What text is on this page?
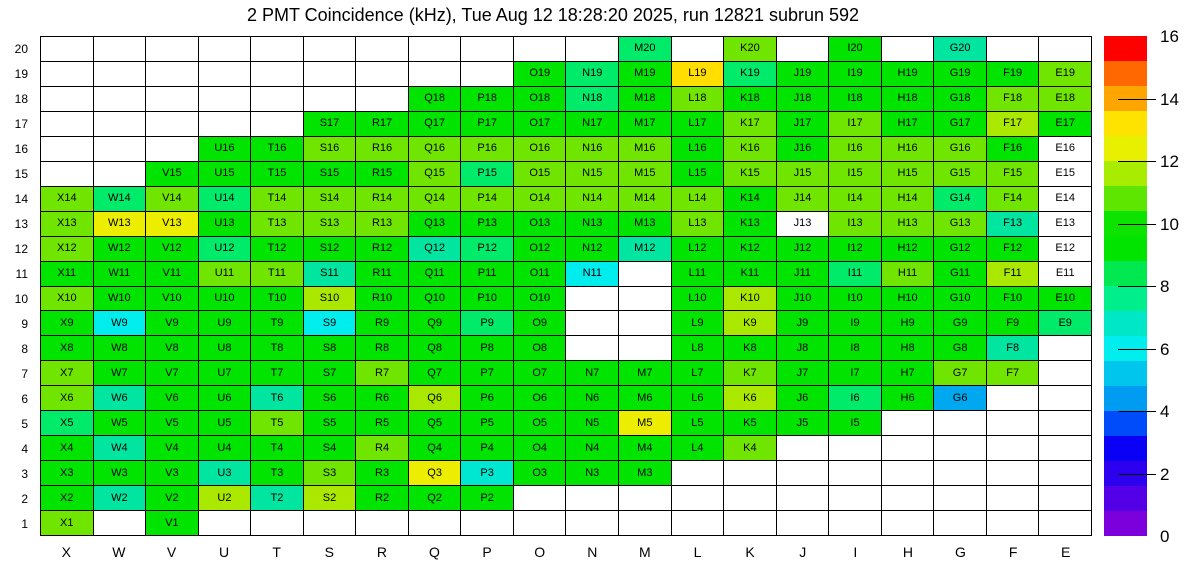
2 PMT Coincidence (kHz), Tue Aug 12 18:28:20 2025, run 12821 subrun 592
20
19
18
17
16
15
14
13
12
11
10
9
8
7
6
5
4
3
2
1
M20	K20	I20	G20
O19	N19	M19	L19	K19	J19	I19	H19	G19	F19	E19
Q18	P18	O18	N18	M18	L18	K18	J18	I18	H18	G18	F18	E18
S17	R17	Q17	P17	O17	N17	M17	L17	K17	J17	I17	H17	G17	F17	E17
U16	T16	S16	R16	Q16	P16	O16	N16	M16	L16	K16	J16	I16	H16	G16	F16	E16
V15	U15	T15	S15	R15	Q15	P15	O15	N15	M15	L15	K15	J15	I15	H15	G15	F15	E15
X14	W14	V14	U14	T14	S14	R14	Q14	P14	O14	N14	M14	L14	K14	J14	I14	H14	G14	F14	E14
X13	W13	V13	U13	T13	S13	R13	Q13	P13	O13	N13	M13	L13	K13	J13	I13	H13	G13	F13	E13
X12	W12	V12	U12	T12	S12	R12	Q12	P12	O12	N12	M12	L12	K12	J12	I12	H12	G12	F12	E12
X11	W11	V11	U11	T11	S11	R11	Q11	P11	O11	N11	L11	K11	J11	I11	H11	G11	F11	E11
X10	W10	V10	U10	T10	S10	R10	Q10	P10	O10	L10	K10	J10	I10	H10	G10	F10	E10
X9	W9	V9	U9	T9	S9	R9	Q9	P9	O9	L9	K9	J9	I9	H9	G9	F9	E9
X8	W8	V8	U8	T8	S8	R8	Q8	P8	O8	L8	K8	J8	I8	H8	G8	F8
X7	W7	V7	U7	T7	S7	R7	Q7	P7	O7	N7	M7	L7	K7	J7	I7	H7	G7	F7
X6	W6	V6	U6	T6	S6	R6	Q6	P6	O6	N6	M6	L6	K6	J6	I6	H6	G6
X5	W5	V5	U5	T5	S5	R5	Q5	P5	O5	N5	M5	L5	K5	J5	I5
X4	W4	V4	U4	T4	S4	R4	Q4	P4	O4	N4	M4	L4	K4
X3	W3	V3	U3	T3	S3	R3	Q3	P3	O3	N3	M3
X2	W2	V2	U2	T2	S2	R2	Q2	P2
X1	V1
X	W	V	U	T	S	R	Q	P	O	N	M	L	K	J	I	H	G	F	E
0
2
4
6
8
10
12
14
16
